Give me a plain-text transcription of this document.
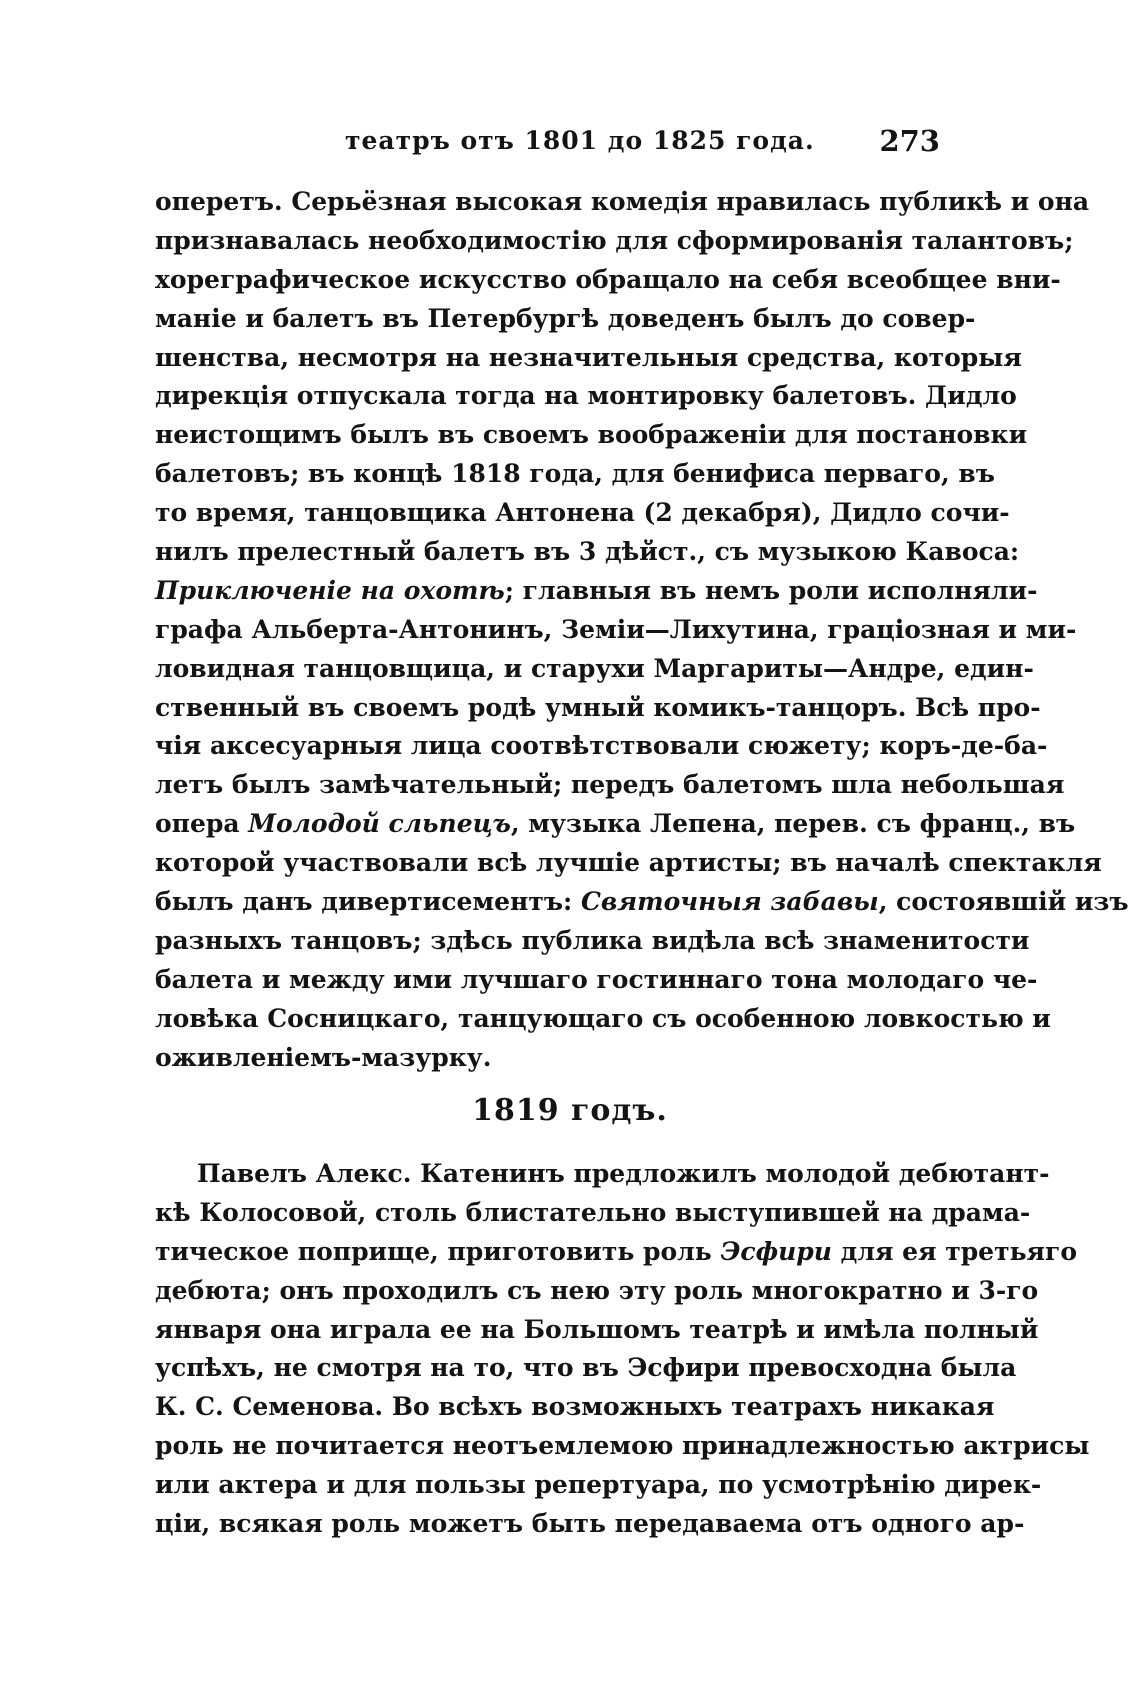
театръ отъ 1801 до 1825 года. 273
оперетъ. Серьёзная высокая комедія нравилась публикѣ и она
признавалась необходимостію для сформированія талантовъ;
хореграфическое искусство обращало на себя всеобщее вни-
маніе и балетъ въ Петербургѣ доведенъ былъ до совер-
шенства, несмотря на незначительныя средства, которыя
дирекція отпускала тогда на монтировку балетовъ. Дидло
неистощимъ былъ въ своемъ воображеніи для постановки
балетовъ; въ концѣ 1818 года, для бенифиса перваго, въ
то время, танцовщика Антонена (2 декабря), Дидло сочи-
нилъ прелестный балетъ въ 3 дѣйст., съ музыкою Кавоса:
Приключеніе на охотѣ; главныя въ немъ роли исполняли-
графа Альберта-Антонинъ, Земіи—Лихутина, граціозная и ми-
ловидная танцовщица, и старухи Маргариты—Андре, един-
ственный въ своемъ родѣ умный комикъ-танцоръ. Всѣ про-
чія аксесуарныя лица соотвѣтствовали сюжету; коръ-де-ба-
летъ былъ замѣчательный; передъ балетомъ шла небольшая
опера Молодой сльпецъ, музыка Лепена, перев. съ франц., въ
которой участвовали всѣ лучшіе артисты; въ началѣ спектакля
былъ данъ дивертисементъ: Святочныя забавы, состоявшій изъ
разныхъ танцовъ; здѣсь публика видѣла всѣ знаменитости
балета и между ими лучшаго гостиннаго тона молодаго че-
ловѣка Сосницкаго, танцующаго съ особенною ловкостью и
оживленіемъ-мазурку.
1819 годъ.
Павелъ Алекс. Катенинъ предложилъ молодой дебютант-
кѣ Колосовой, столь блистательно выступившей на драма-
тическое поприще, приготовить роль Эсфири для ея третьяго
дебюта; онъ проходилъ съ нею эту роль многократно и 3-го
января она играла ее на Большомъ театрѣ и имѣла полный
успѣхъ, не смотря на то, что въ Эсфири превосходна была
К. С. Семенова. Во всѣхъ возможныхъ театрахъ никакая
роль не почитается неотъемлемою принадлежностью актрисы
или актера и для пользы репертуара, по усмотрѣнію дирек-
ціи, всякая роль можетъ быть передаваема отъ одного ар-
